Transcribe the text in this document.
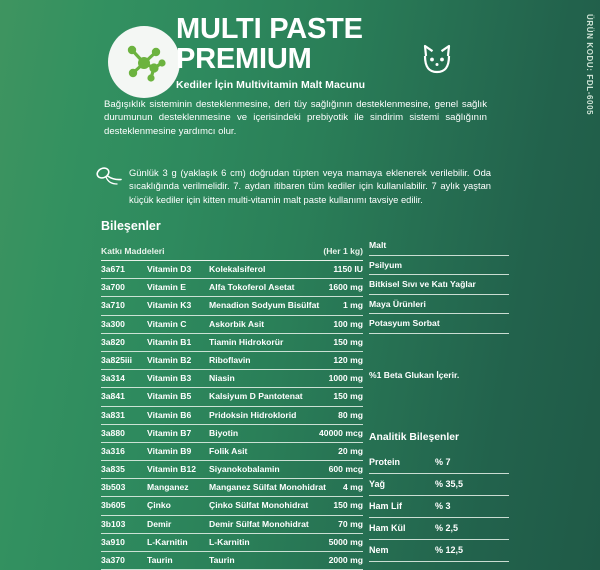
MULTI PASTE
PREMIUM
Kediler İçin Multivitamin Malt Macunu	ÜRÜN KODU: FDL-6005
Bağışıklık sisteminin desteklenmesine, deri tüy sağlığının desteklenmesine, genel sağlık durumunun desteklenmesine ve içerisindeki prebiyotik ile sindirim sistemi sağlığının desteklenmesine yardımcı olur.
Günlük 3 g (yaklaşık 6 cm) doğrudan tüpten veya mamaya eklenerek verilebilir. Oda sıcaklığında verilmelidir. 7. aydan itibaren tüm kediler için kullanılabilir. 7 aylık yaştan küçük kediler için kitten multi-vitamin malt paste kullanımı tavsiye edilir.
Bileşenler
Katkı Maddeleri	(Her 1 kg)
3a671	Vitamin D3	Kolekalsiferol	1150 IU
3a700	Vitamin E	Alfa Tokoferol Asetat	1600 mg
3a710	Vitamin K3	Menadion Sodyum Bisülfat	1 mg
3a300	Vitamin C	Askorbik Asit	100 mg
3a820	Vitamin B1	Tiamin Hidrokorür	150 mg
3a825iii	Vitamin B2	Riboflavin	120 mg
3a314	Vitamin B3	Niasin	1000 mg
3a841	Vitamin B5	Kalsiyum D Pantotenat	150 mg
3a831	Vitamin B6	Pridoksin Hidroklorid	80 mg
3a880	Vitamin B7	Biyotin	40000 mcg
3a316	Vitamin B9	Folik Asit	20 mg
3a835	Vitamin B12	Siyanokobalamin	600 mcg
3b503	Manganez	Manganez Sülfat Monohidrat	4 mg
3b605	Çinko	Çinko Sülfat Monohidrat	150 mg
3b103	Demir	Demir Sülfat Monohidrat	70 mg
3a910	L-Karnitin	L-Karnitin	5000 mg
3a370	Taurin	Taurin	2000 mg
Malt
Psilyum
Bitkisel Sıvı ve Katı Yağlar
Maya Ürünleri
Potasyum Sorbat
%1 Beta Glukan İçerir.
Analitik Bileşenler
Protein	% 7
Yağ	% 35,5
Ham Lif	% 3
Ham Kül	% 2,5
Nem	% 12,5
